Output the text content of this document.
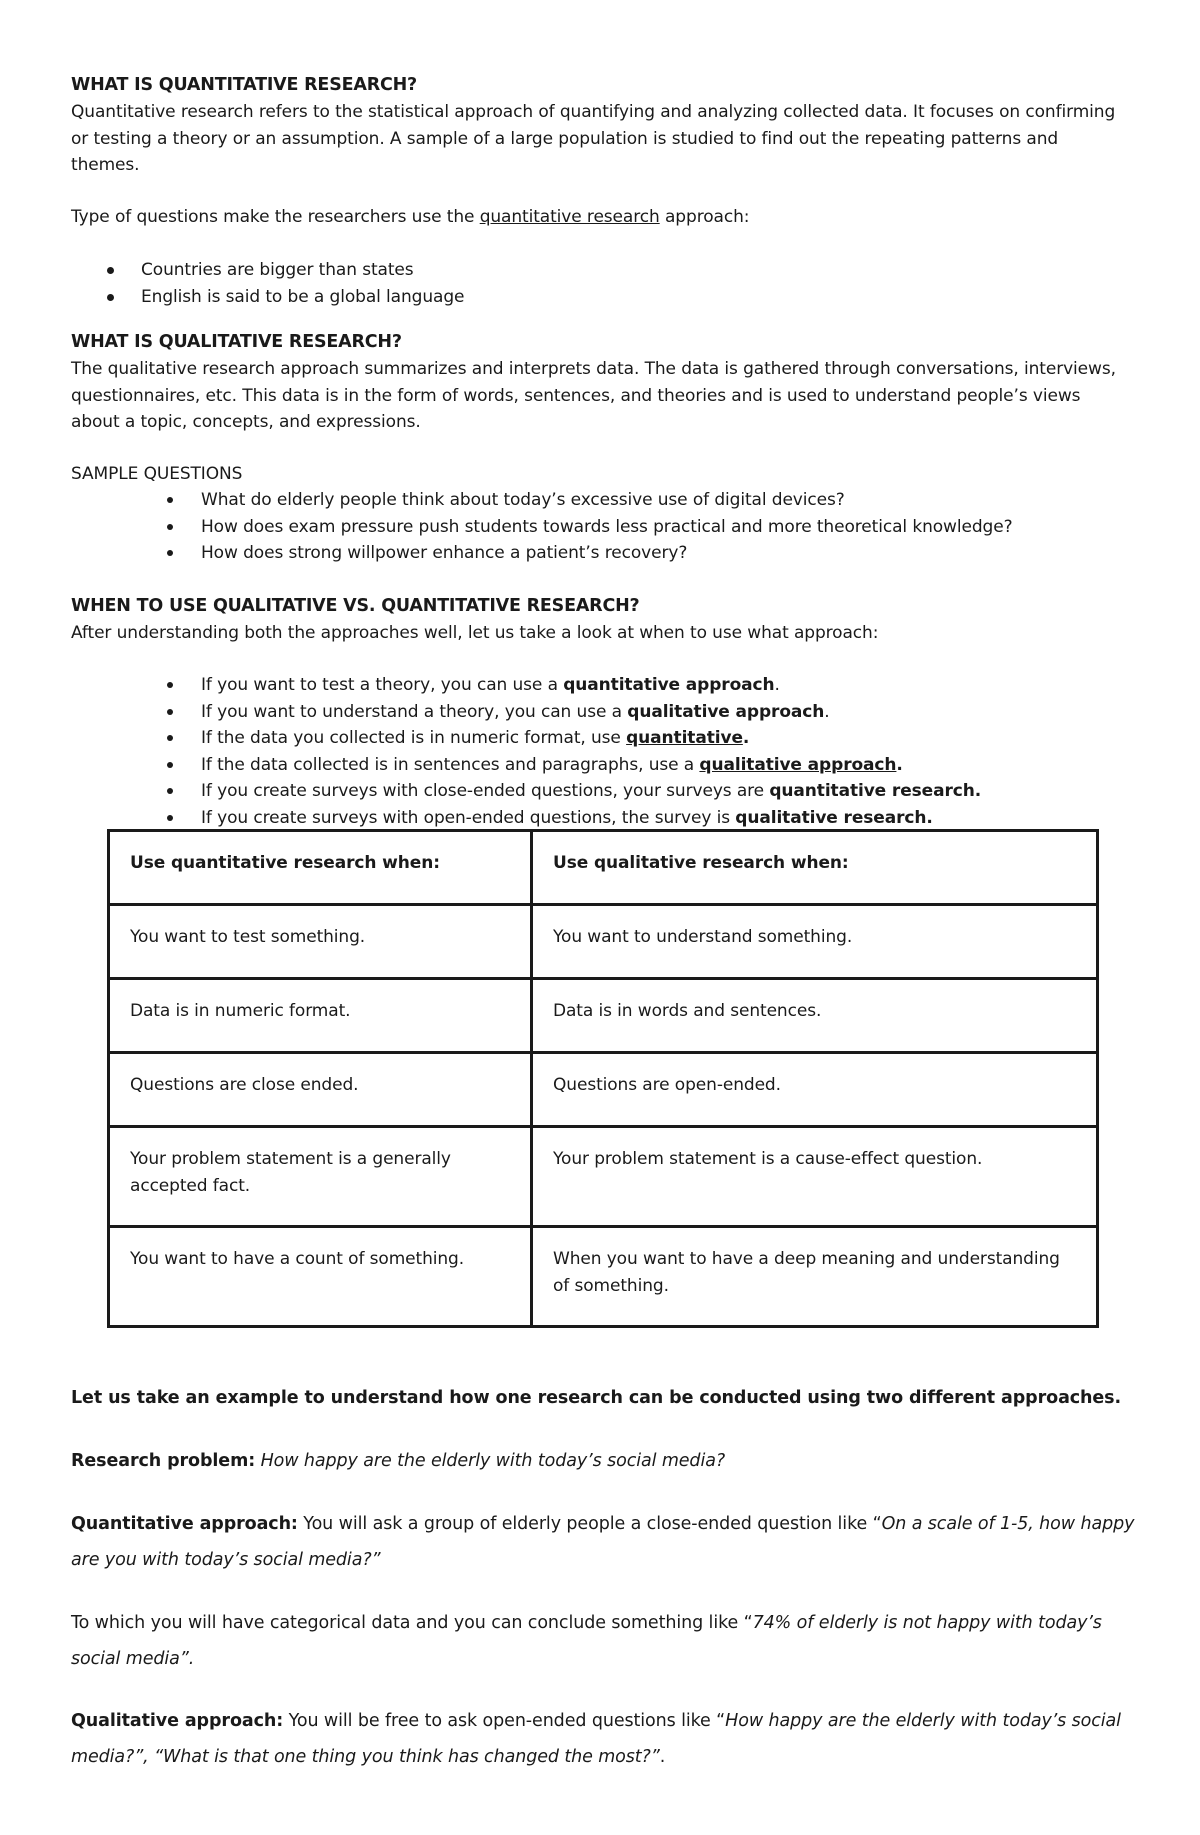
WHAT IS QUANTITATIVE RESEARCH?

Quantitative research refers to the statistical approach of quantifying and analyzing collected data. It focuses on confirming or testing a theory or an assumption. A sample of a large population is studied to find out the repeating patterns and themes.

Type of questions make the researchers use the quantitative research approach:

Countries are bigger than states
English is said to be a global language

WHAT IS QUALITATIVE RESEARCH?

The qualitative research approach summarizes and interprets data. The data is gathered through conversations, interviews, questionnaires, etc. This data is in the form of words, sentences, and theories and is used to understand people’s views about a topic, concepts, and expressions.

SAMPLE QUESTIONS

What do elderly people think about today’s excessive use of digital devices?
How does exam pressure push students towards less practical and more theoretical knowledge?
How does strong willpower enhance a patient’s recovery?

WHEN TO USE QUALITATIVE VS. QUANTITATIVE RESEARCH?

After understanding both the approaches well, let us take a look at when to use what approach:

If you want to test a theory, you can use a quantitative approach.
If you want to understand a theory, you can use a qualitative approach.
If the data you collected is in numeric format, use quantitative.
If the data collected is in sentences and paragraphs, use a qualitative approach.
If you create surveys with close-ended questions, your surveys are quantitative research.
If you create surveys with open-ended questions, the survey is qualitative research.
Use quantitative research when:	Use qualitative research when:
You want to test something.	You want to understand something.
Data is in numeric format.	Data is in words and sentences.
Questions are close ended.	Questions are open-ended.
Your problem statement is a generally accepted fact.	Your problem statement is a cause-effect question.
You want to have a count of something.	When you want to have a deep meaning and understanding of something.
Let us take an example to understand how one research can be conducted using two different approaches.
Research problem: How happy are the elderly with today’s social media?
Quantitative approach: You will ask a group of elderly people a close-ended question like “On a scale of 1-5, how happy are you with today’s social media?”
To which you will have categorical data and you can conclude something like “74% of elderly is not happy with today’s social media”.
Qualitative approach: You will be free to ask open-ended questions like “How happy are the elderly with today’s social media?”, “What is that one thing you think has changed the most?”.
